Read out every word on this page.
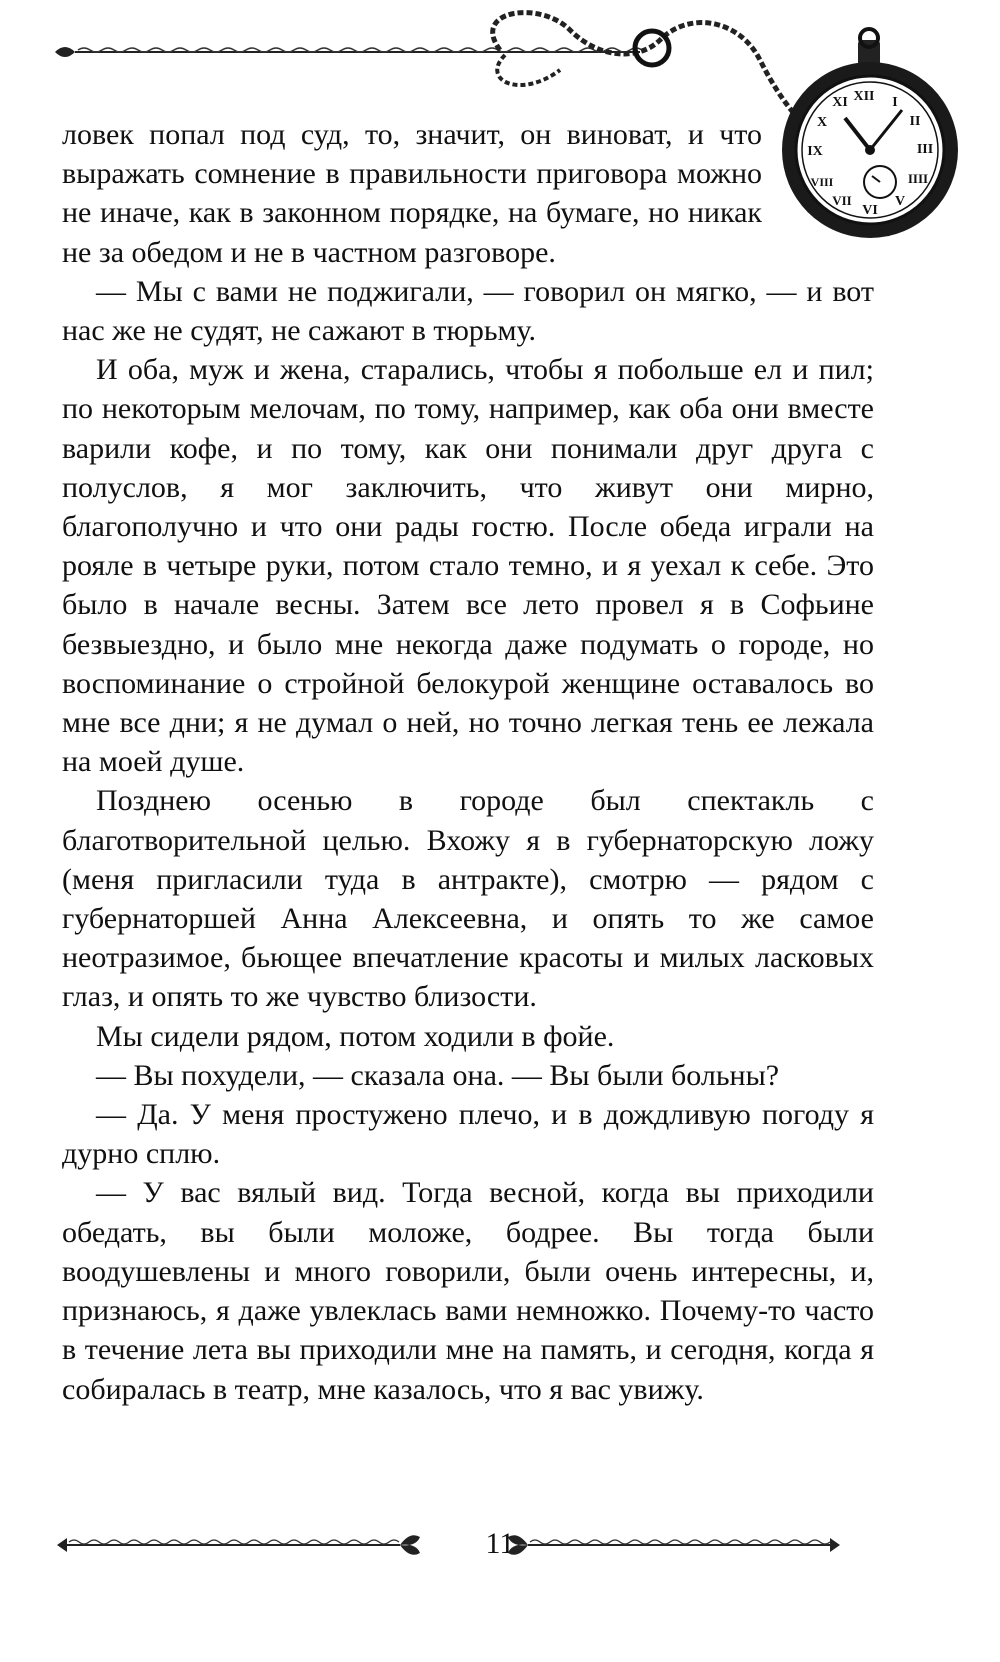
XII I
II
III
IIII
V
VI
VII
VIII
IX
X
XI

ловек попал под суд, то, значит, он виноват, и что выражать сомнение в правильности приговора можно не иначе, как в законном порядке, на бумаге, но никак не за обедом и не в частном разговоре.

— Мы с вами не поджигали, — говорил он мягко, — и вот нас же не судят, не сажают в тюрьму.

И оба, муж и жена, старались, чтобы я побольше ел и пил; по некоторым мелочам, по тому, например, как оба они вместе варили кофе, и по тому, как они понимали друг друга с полуслов, я мог заключить, что живут они мирно, благополучно и что они рады гостю. После обеда играли на рояле в четыре руки, потом стало темно, и я уехал к себе. Это было в начале весны. Затем все лето провел я в Софьине безвыездно, и было мне некогда даже подумать о городе, но воспоминание о стройной белокурой женщине оставалось во мне все дни; я не думал о ней, но точно легкая тень ее лежала на моей душе.

Позднею осенью в городе был спектакль с благотворительной целью. Вхожу я в губернаторскую ложу (меня пригласили туда в антракте), смотрю — рядом с губернаторшей Анна Алексеевна, и опять то же самое неотразимое, бьющее впечатление красоты и милых ласковых глаз, и опять то же чувство близости.

Мы сидели рядом, потом ходили в фойе.

— Вы похудели, — сказала она. — Вы были больны?

— Да. У меня простужено плечо, и в дождливую погоду я дурно сплю.

— У вас вялый вид. Тогда весной, когда вы приходили обедать, вы были моложе, бодрее. Вы тогда были воодушевлены и много говорили, были очень интересны, и, признаюсь, я даже увлеклась вами немножко. Почему-то часто в течение лета вы приходили мне на память, и сегодня, когда я собиралась в театр, мне казалось, что я вас увижу.

11
